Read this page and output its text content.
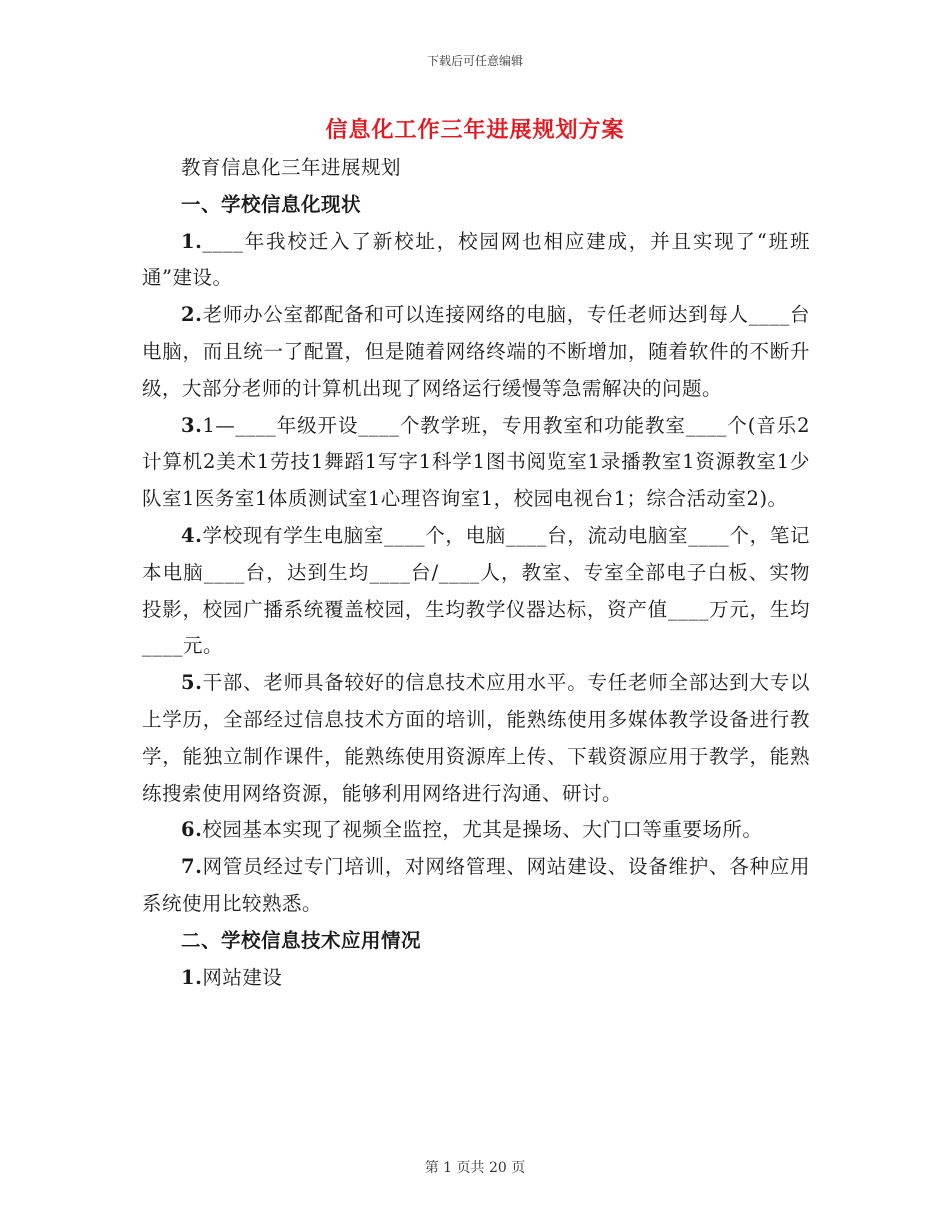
下载后可任意编辑
信息化工作三年进展规划方案

教育信息化三年进展规划

一、学校信息化现状

1.____年我校迁入了新校址，校园网也相应建成，并且实现了“班班通”建设。

2.老师办公室都配备和可以连接网络的电脑，专任老师达到每人____台电脑，而且统一了配置，但是随着网络终端的不断增加，随着软件的不断升级，大部分老师的计算机出现了网络运行缓慢等急需解决的问题。

3.1—____年级开设____个教学班，专用教室和功能教室____个(音乐2计算机2美术1劳技1舞蹈1写字1科学1图书阅览室1录播教室1资源教室1少队室1医务室1体质测试室1心理咨询室1，校园电视台1；综合活动室2)。

4.学校现有学生电脑室____个，电脑____台，流动电脑室____个，笔记本电脑____台，达到生均____台/____人，教室、专室全部电子白板、实物投影，校园广播系统覆盖校园，生均教学仪器达标，资产值____万元，生均____元。

5.干部、老师具备较好的信息技术应用水平。专任老师全部达到大专以上学历，全部经过信息技术方面的培训，能熟练使用多媒体教学设备进行教学，能独立制作课件，能熟练使用资源库上传、下载资源应用于教学，能熟练搜索使用网络资源，能够利用网络进行沟通、研讨。

6.校园基本实现了视频全监控，尤其是操场、大门口等重要场所。

7.网管员经过专门培训，对网络管理、网站建设、设备维护、各种应用系统使用比较熟悉。

二、学校信息技术应用情况

1.网站建设

第 1 页共 20 页
